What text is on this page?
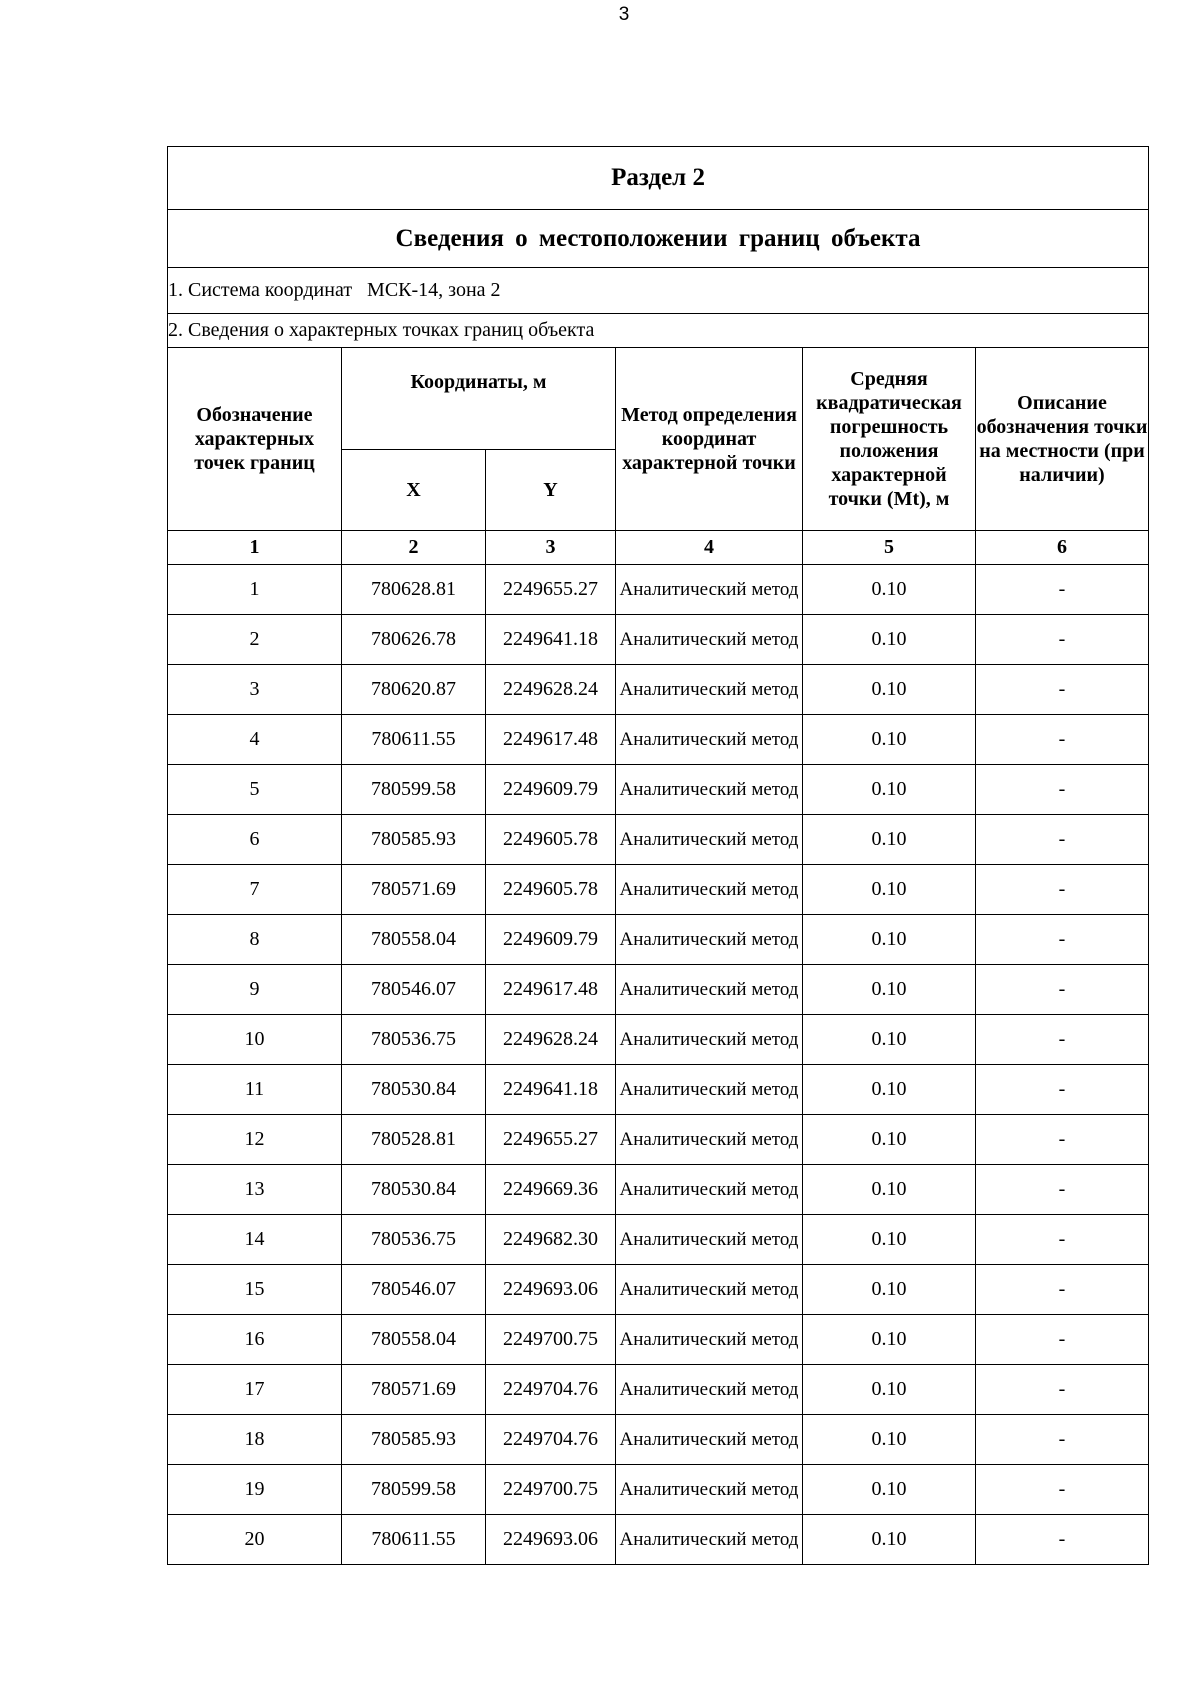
3
Раздел 2					
Сведения о местоположении границ объекта					
1. Система координат   МСК-14, зона 2					
2. Сведения о характерных точках границ объекта					
Обозначение характерных точек границ	Координаты, м		Метод определения координат характерной точки	Средняя квадратическая погрешность положения характерной точки (Mt), м	Описание обозначения точки на местности (при наличии)
	X	Y			
1	2	3	4	5	6
1	780628.81	2249655.27	Аналитический метод	0.10	-
2	780626.78	2249641.18	Аналитический метод	0.10	-
3	780620.87	2249628.24	Аналитический метод	0.10	-
4	780611.55	2249617.48	Аналитический метод	0.10	-
5	780599.58	2249609.79	Аналитический метод	0.10	-
6	780585.93	2249605.78	Аналитический метод	0.10	-
7	780571.69	2249605.78	Аналитический метод	0.10	-
8	780558.04	2249609.79	Аналитический метод	0.10	-
9	780546.07	2249617.48	Аналитический метод	0.10	-
10	780536.75	2249628.24	Аналитический метод	0.10	-
11	780530.84	2249641.18	Аналитический метод	0.10	-
12	780528.81	2249655.27	Аналитический метод	0.10	-
13	780530.84	2249669.36	Аналитический метод	0.10	-
14	780536.75	2249682.30	Аналитический метод	0.10	-
15	780546.07	2249693.06	Аналитический метод	0.10	-
16	780558.04	2249700.75	Аналитический метод	0.10	-
17	780571.69	2249704.76	Аналитический метод	0.10	-
18	780585.93	2249704.76	Аналитический метод	0.10	-
19	780599.58	2249700.75	Аналитический метод	0.10	-
20	780611.55	2249693.06	Аналитический метод	0.10	-
